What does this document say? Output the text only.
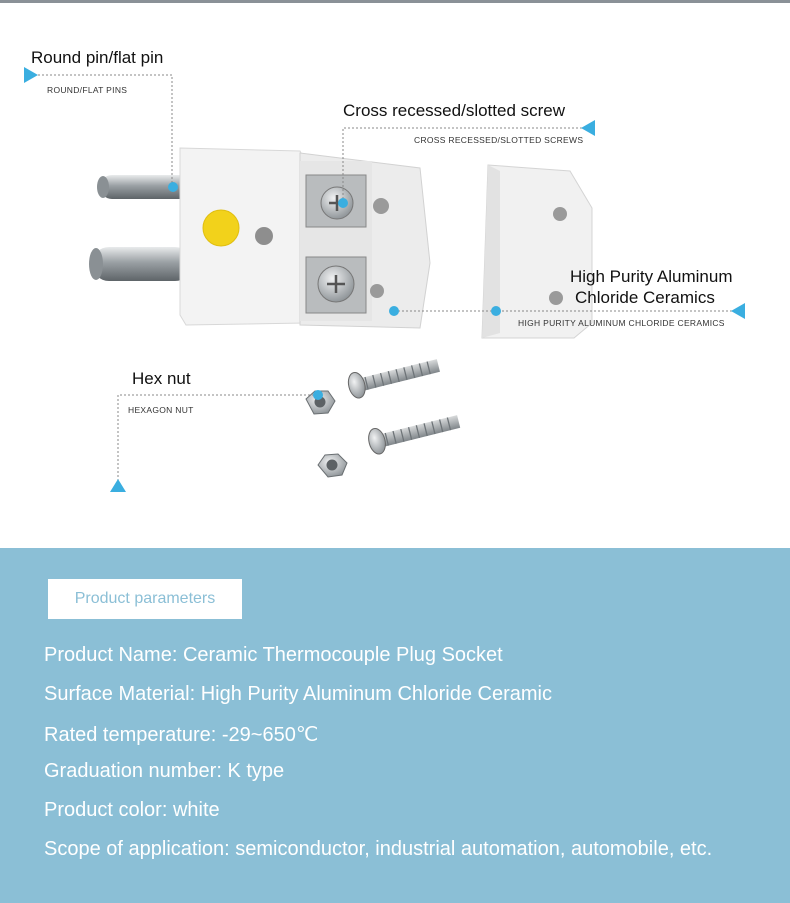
Round pin/flat pin
ROUND/FLAT PINS
Cross recessed/slotted screw
CROSS RECESSED/SLOTTED SCREWS
High Purity Aluminum
Chloride Ceramics
HIGH PURITY ALUMINUM CHLORIDE CERAMICS
Hex nut
HEXAGON NUT
Product parameters
Product Name: Ceramic Thermocouple Plug Socket
Surface Material: High Purity Aluminum Chloride Ceramic
Rated temperature: -29~650℃
Graduation number: K type
Product color: white
Scope of application: semiconductor, industrial automation, automobile, etc.
